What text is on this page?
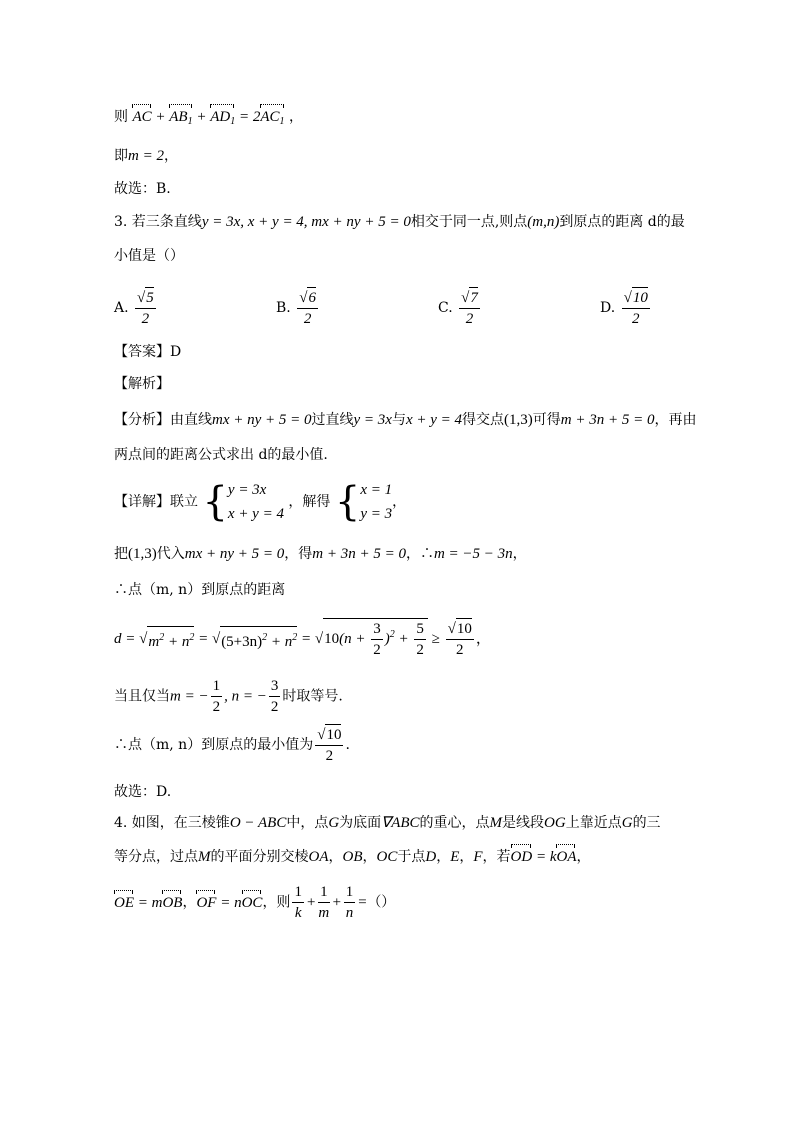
则 AC + $AB_1 + AD_1 = 2AC_1$ ，
即m = 2，
故选：B.
3. 若三条直线y = 3x, x + y = 4, mx + ny + 5 = 0相交于同一点,则点(m,n)到原点的距离 d的最
小值是（）
A. $\frac{√5}{2}$	B. $\frac{√6}{2}$	C. $\frac{√7}{2}$	D. $\frac{√10}{2}$
【答案】D
【解析】
【分析】由直线mx + ny + 5 = 0过直线y = 3x与x + y = 4得交点(1,3)可得m + 3n + 5 = 0，再由
两点间的距离公式求出 d的最小值.
【详解】联立 { y = 3x
x + y = 4
，解得 { x = 1
y = 3
，
把(1,3)代入mx + ny + 5 = 0，得m + 3n + 5 = 0，∴m = −5 − 3n，
∴点（m, n）到原点的距离
$d = √m^2 + n^2 = √(5+3n)^2 + n^2 = √10(n + \frac{3}{2} )^2 + \frac{5}{2} \ge \frac{√10}{2}$ ，
当且仅当m = − $\frac{1}{2}$ , n = − $\frac{3}{2}$ 时取等号.
∴点（m, n）到原点的最小值为 $\frac{√10}{2}$ .
故选：D.
4. 如图，在三棱锥O − ABC中，点G为底面∇ABC的重心，点M是线段OG上靠近点G的三
等分点，过点M的平面分别交棱OA，OB，OC于点D，E，F，若OD = kOA，
OE = mOB，OF = nOC，则 $\frac{1}{k} + \frac{1}{m} + \frac{1}{n}$ =（）
